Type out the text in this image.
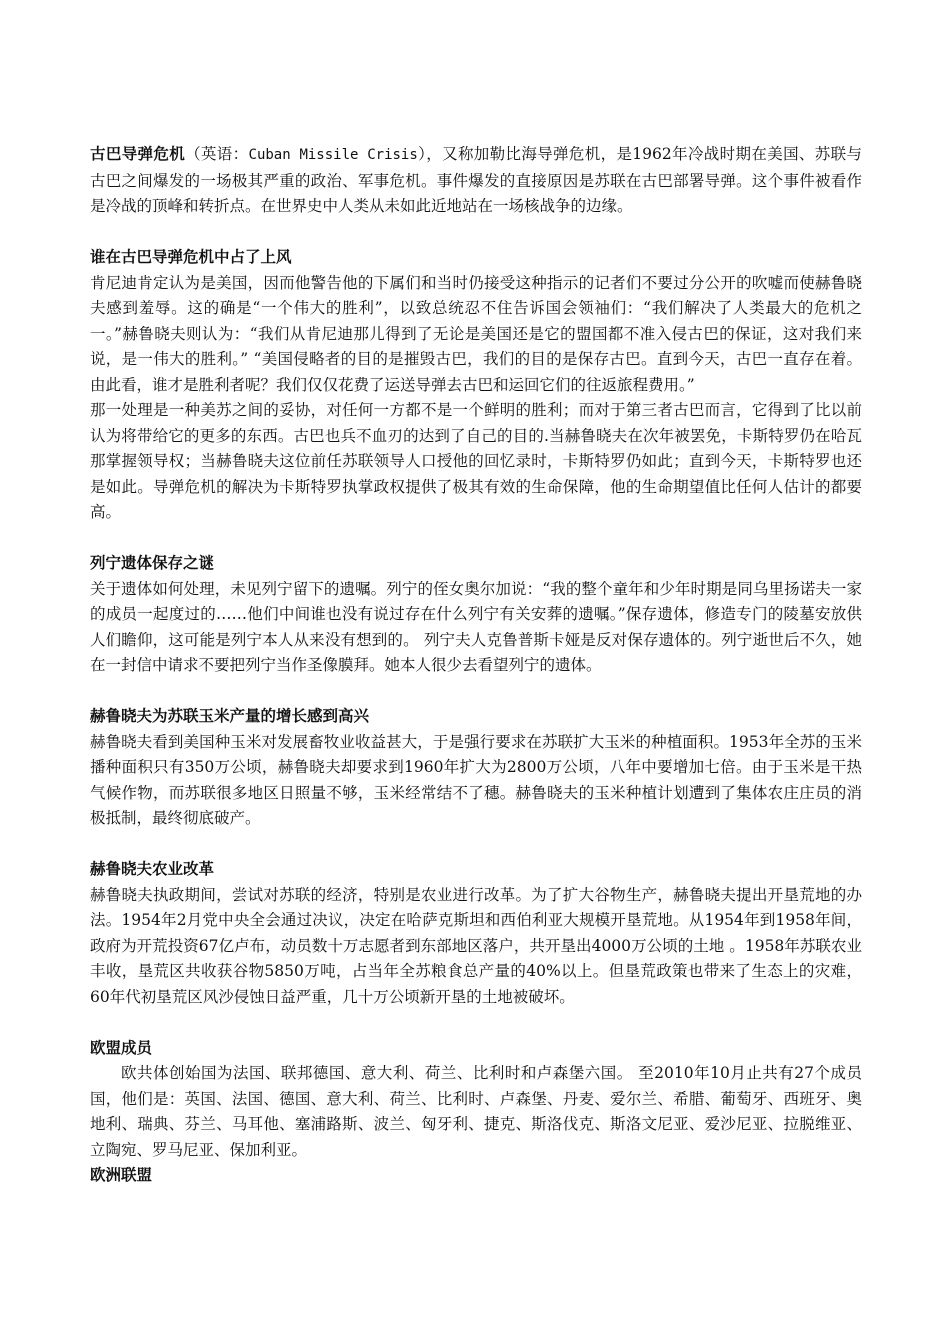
古巴导弹危机（英语：Cuban Missile Crisis），又称加勒比海导弹危机，是1962年冷战时期在美国、苏联与古巴之间爆发的一场极其严重的政治、军事危机。事件爆发的直接原因是苏联在古巴部署导弹。这个事件被看作是冷战的顶峰和转折点。在世界史中人类从未如此近地站在一场核战争的边缘。

谁在古巴导弹危机中占了上风

肯尼迪肯定认为是美国，因而他警告他的下属们和当时仍接受这种指示的记者们不要过分公开的吹嘘而使赫鲁晓夫感到羞辱。这的确是“一个伟大的胜利”，以致总统忍不住告诉国会领袖们：“我们解决了人类最大的危机之一。”赫鲁晓夫则认为：“我们从肯尼迪那儿得到了无论是美国还是它的盟国都不准入侵古巴的保证，这对我们来说，是一伟大的胜利。” “美国侵略者的目的是摧毁古巴，我们的目的是保存古巴。直到今天，古巴一直存在着。由此看，谁才是胜利者呢？我们仅仅花费了运送导弹去古巴和运回它们的往返旅程费用。”

那一处理是一种美苏之间的妥协，对任何一方都不是一个鲜明的胜利；而对于第三者古巴而言，它得到了比以前认为将带给它的更多的东西。古巴也兵不血刃的达到了自己的目的.当赫鲁晓夫在次年被罢免，卡斯特罗仍在哈瓦那掌握领导权；当赫鲁晓夫这位前任苏联领导人口授他的回忆录时，卡斯特罗仍如此；直到今天，卡斯特罗也还是如此。导弹危机的解决为卡斯特罗执掌政权提供了极其有效的生命保障，他的生命期望值比任何人估计的都要高。

列宁遗体保存之谜

关于遗体如何处理，未见列宁留下的遗嘱。列宁的侄女奥尔加说：“我的整个童年和少年时期是同乌里扬诺夫一家的成员一起度过的……他们中间谁也没有说过存在什么列宁有关安葬的遗嘱。”保存遗体，修造专门的陵墓安放供人们瞻仰，这可能是列宁本人从来没有想到的。 列宁夫人克鲁普斯卡娅是反对保存遗体的。列宁逝世后不久，她在一封信中请求不要把列宁当作圣像膜拜。她本人很少去看望列宁的遗体。

赫鲁晓夫为苏联玉米产量的增长感到高兴

赫鲁晓夫看到美国种玉米对发展畜牧业收益甚大，于是强行要求在苏联扩大玉米的种植面积。1953年全苏的玉米播种面积只有350万公顷，赫鲁晓夫却要求到1960年扩大为2800万公顷，八年中要增加七倍。由于玉米是干热气候作物，而苏联很多地区日照量不够，玉米经常结不了穗。赫鲁晓夫的玉米种植计划遭到了集体农庄庄员的消极抵制，最终彻底破产。

赫鲁晓夫农业改革

赫鲁晓夫执政期间，尝试对苏联的经济，特别是农业进行改革。为了扩大谷物生产，赫鲁晓夫提出开垦荒地的办法。1954年2月党中央全会通过决议，决定在哈萨克斯坦和西伯利亚大规模开垦荒地。从1954年到1958年间，政府为开荒投资67亿卢布，动员数十万志愿者到东部地区落户，共开垦出4000万公顷的土地 。1958年苏联农业丰收，垦荒区共收获谷物5850万吨，占当年全苏粮食总产量的40%以上。但垦荒政策也带来了生态上的灾难，60年代初垦荒区风沙侵蚀日益严重，几十万公顷新开垦的土地被破坏。

欧盟成员

欧共体创始国为法国、联邦德国、意大利、荷兰、比利时和卢森堡六国。 至2010年10月止共有27个成员国，他们是：英国、法国、德国、意大利、荷兰、比利时、卢森堡、丹麦、爱尔兰、希腊、葡萄牙、西班牙、奥地利、瑞典、芬兰、马耳他、塞浦路斯、波兰、匈牙利、捷克、斯洛伐克、斯洛文尼亚、爱沙尼亚、拉脱维亚、立陶宛、罗马尼亚、保加利亚。

欧洲联盟
